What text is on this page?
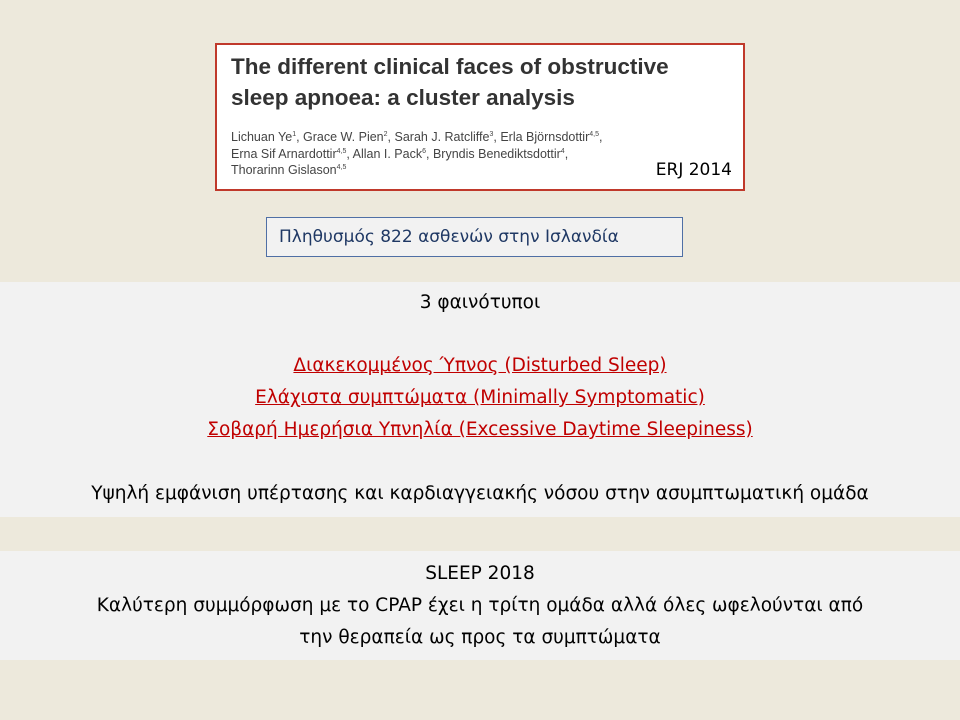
The different clinical faces of obstructive
sleep apnoea: a cluster analysis
Lichuan Ye$^1$, Grace W. Pien$^2$, Sarah J. Ratcliffe$^3$, Erla Björnsdottir$^{4,5}$,
Erna Sif Arnardottir$^{4,5}$, Allan I. Pack$^6$, Bryndis Benediktsdottir$^4$,
Thorarinn Gislason$^{4,5}$	ERJ 2014
Πληθυσμός 822 ασθενών στην Ισλανδία
3 φαινότυποι
Διακεκομμένος Ύπνος (Disturbed Sleep)
Ελάχιστα συμπτώματα (Minimally Symptomatic)
Σοβαρή Ημερήσια Υπνηλία (Excessive Daytime Sleepiness)
Υψηλή εμφάνιση υπέρτασης και καρδιαγγειακής νόσου στην ασυμπτωματική ομάδα
SLEEP 2018
Καλύτερη συμμόρφωση με το CPAP έχει η τρίτη ομάδα αλλά όλες ωφελούνται από
την θεραπεία ως προς τα συμπτώματα
